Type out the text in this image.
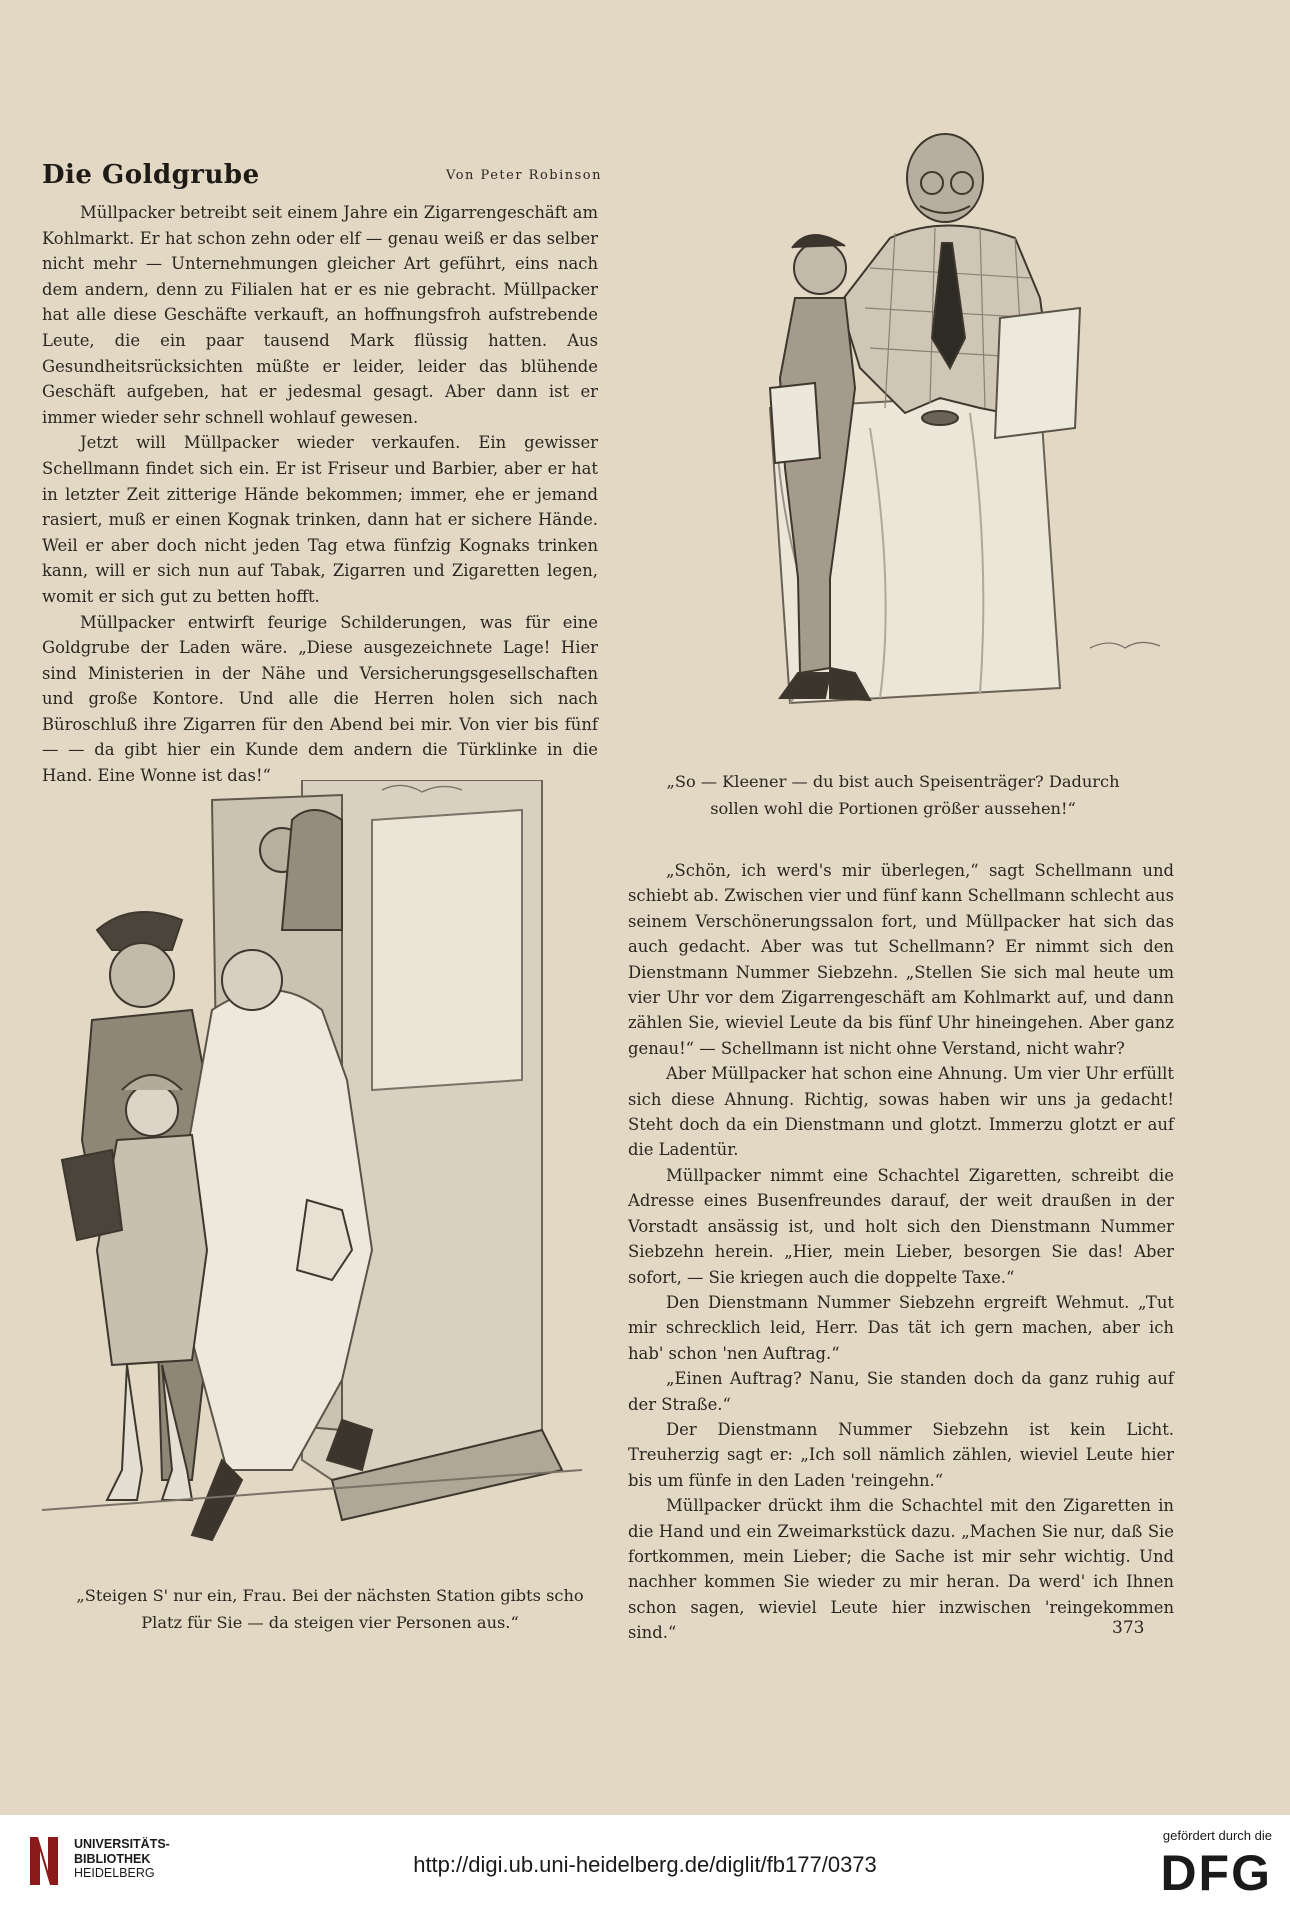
Die Goldgrube	Von Peter Robinson

Müllpacker betreibt seit einem Jahre ein Zigarrengeschäft am Kohlmarkt. Er hat schon zehn oder elf — genau weiß er das selber nicht mehr — Unternehmungen gleicher Art geführt, eins nach dem andern, denn zu Filialen hat er es nie gebracht. Müllpacker hat alle diese Geschäfte verkauft, an hoffnungsfroh aufstrebende Leute, die ein paar tausend Mark flüssig hatten. Aus Gesundheitsrücksichten müßte er leider, leider das blühende Geschäft aufgeben, hat er jedesmal gesagt. Aber dann ist er immer wieder sehr schnell wohlauf gewesen.

Jetzt will Müllpacker wieder verkaufen. Ein gewisser Schellmann findet sich ein. Er ist Friseur und Barbier, aber er hat in letzter Zeit zitterige Hände bekommen; immer, ehe er jemand rasiert, muß er einen Kognak trinken, dann hat er sichere Hände. Weil er aber doch nicht jeden Tag etwa fünfzig Kognaks trinken kann, will er sich nun auf Tabak, Zigarren und Zigaretten legen, womit er sich gut zu betten hofft.

Müllpacker entwirft feurige Schilderungen, was für eine Goldgrube der Laden wäre. „Diese ausgezeichnete Lage! Hier sind Ministerien in der Nähe und Versicherungsgesellschaften und große Kontore. Und alle die Herren holen sich nach Büroschluß ihre Zigarren für den Abend bei mir. Von vier bis fünf — — da gibt hier ein Kunde dem andern die Türklinke in die Hand. Eine Wonne ist das!“	„So — Kleener — du bist auch Speisenträger? Dadurch sollen wohl die Portionen größer aussehen!“
„Steigen S' nur ein, Frau. Bei der nächsten Station gibts scho Platz für Sie — da steigen vier Personen aus.“

„Schön, ich werd's mir überlegen,“ sagt Schellmann und schiebt ab. Zwischen vier und fünf kann Schellmann schlecht aus seinem Verschönerungssalon fort, und Müllpacker hat sich das auch gedacht. Aber was tut Schellmann? Er nimmt sich den Dienstmann Nummer Siebzehn. „Stellen Sie sich mal heute um vier Uhr vor dem Zigarrengeschäft am Kohlmarkt auf, und dann zählen Sie, wieviel Leute da bis fünf Uhr hineingehen. Aber ganz genau!“ — Schellmann ist nicht ohne Verstand, nicht wahr?

Aber Müllpacker hat schon eine Ahnung. Um vier Uhr erfüllt sich diese Ahnung. Richtig, sowas haben wir uns ja gedacht! Steht doch da ein Dienstmann und glotzt. Immerzu glotzt er auf die Ladentür.

Müllpacker nimmt eine Schachtel Zigaretten, schreibt die Adresse eines Busenfreundes darauf, der weit draußen in der Vorstadt ansässig ist, und holt sich den Dienstmann Nummer Siebzehn herein. „Hier, mein Lieber, besorgen Sie das! Aber sofort, — Sie kriegen auch die doppelte Taxe.“

Den Dienstmann Nummer Siebzehn ergreift Wehmut. „Tut mir schrecklich leid, Herr. Das tät ich gern machen, aber ich hab' schon 'nen Auftrag.“

„Einen Auftrag? Nanu, Sie standen doch da ganz ruhig auf der Straße.“

Der Dienstmann Nummer Siebzehn ist kein Licht. Treuherzig sagt er: „Ich soll nämlich zählen, wieviel Leute hier bis um fünfe in den Laden 'reingehn.“

Müllpacker drückt ihm die Schachtel mit den Zigaretten in die Hand und ein Zweimarkstück dazu. „Machen Sie nur, daß Sie fortkommen, mein Lieber; die Sache ist mir sehr wichtig. Und nachher kommen Sie wieder zu mir heran. Da werd' ich Ihnen schon sagen, wieviel Leute hier inzwischen 'reingekommen sind.“	373
UNIVERSITÄTS-
BIBLIOTHEK
HEIDELBERG	http://digi.ub.uni-heidelberg.de/diglit/fb177/0373
gefördert durch die
DFG
